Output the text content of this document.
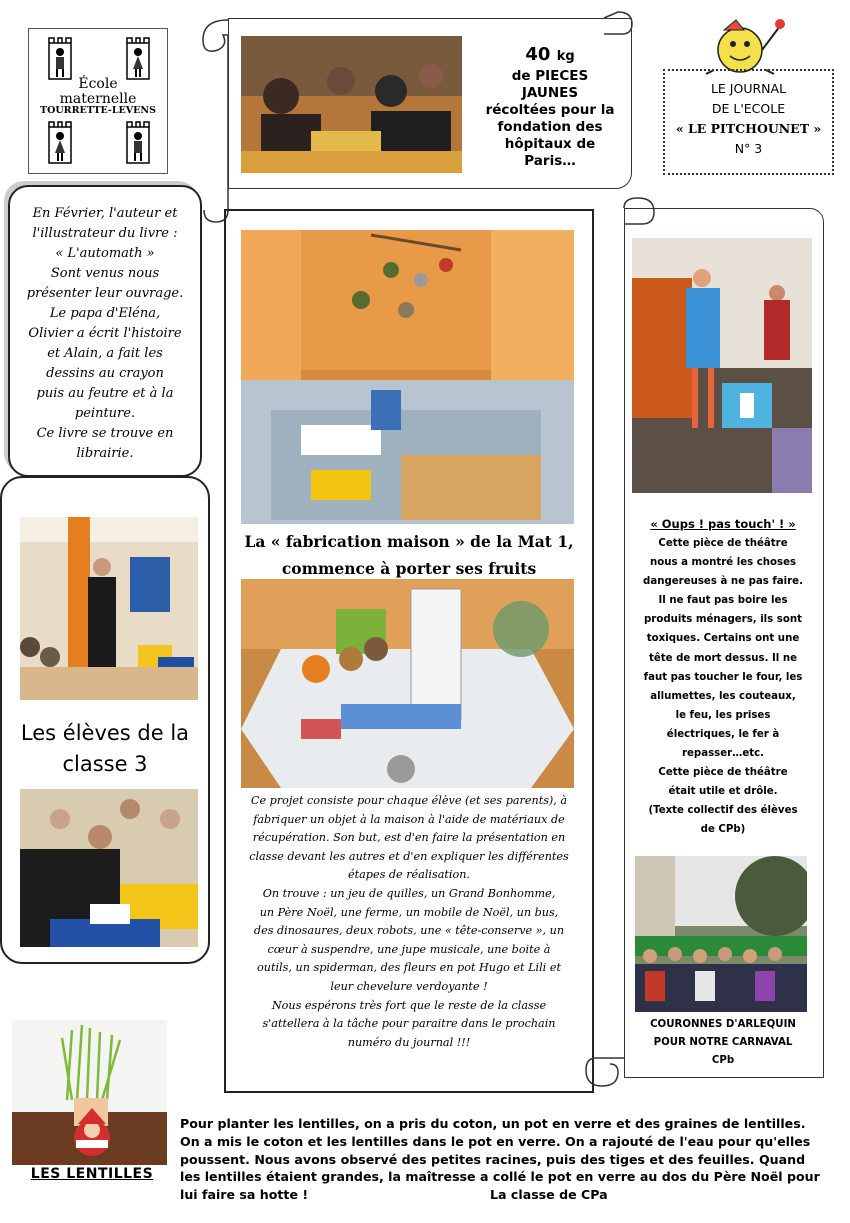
École
maternelle
TOURRETTE-LEVENS
40 kg
de PIECES
JAUNES
récoltées pour la
fondation des
hôpitaux de
Paris…
LE JOURNAL
DE L'ECOLE
« LE PITCHOUNET »
N° 3
En Février, l'auteur et
l'illustrateur du livre :
« L'automath »
Sont venus nous
présenter leur ouvrage.
Le papa d'Eléna,
Olivier a écrit l'histoire
et Alain, a fait les
dessins au crayon
puis au feutre et à la
peinture.
Ce livre se trouve en
librairie.
Les élèves de la
classe 3
La « fabrication maison » de la Mat 1,
commence à porter ses fruits
Ce projet consiste pour chaque élève (et ses parents), à
fabriquer un objet à la maison à l'aide de matériaux de
récupération. Son but, est d'en faire la présentation en
classe devant les autres et d'en expliquer les différentes
étapes de réalisation.
On trouve : un jeu de quilles, un Grand Bonhomme,
un Père Noël, une ferme, un mobile de Noël, un bus,
des dinosaures, deux robots, une « tête-conserve », un
cœur à suspendre, une jupe musicale, une boite à
outils, un spiderman, des fleurs en pot Hugo et Lili et
leur chevelure verdoyante !
Nous espérons très fort que le reste de la classe
s'attellera à la tâche pour paraitre dans le prochain
numéro du journal !!!
« Oups ! pas touch' ! »
Cette pièce de théâtre
nous a montré les choses
dangereuses à ne pas faire.
Il ne faut pas boire les
produits ménagers, ils sont
toxiques. Certains ont une
tête de mort dessus. Il ne
faut pas toucher le four, les
allumettes, les couteaux,
le feu, les prises
électriques, le fer à
repasser…etc.
Cette pièce de théâtre
était utile et drôle.
(Texte collectif des élèves
de CPb)
COURONNES D'ARLEQUIN
POUR NOTRE CARNAVAL
CPb
LES LENTILLES
Pour planter les lentilles, on a pris du coton, un pot en verre et des graines de lentilles.
On a mis le coton et les lentilles dans le pot en verre. On a rajouté de l'eau pour qu'elles
poussent. Nous avons observé des petites racines, puis des tiges et des feuilles. Quand
les lentilles étaient grandes, la maîtresse a collé le pot en verre au dos du Père Noël pour
lui faire sa hotte !	La classe de CPa
